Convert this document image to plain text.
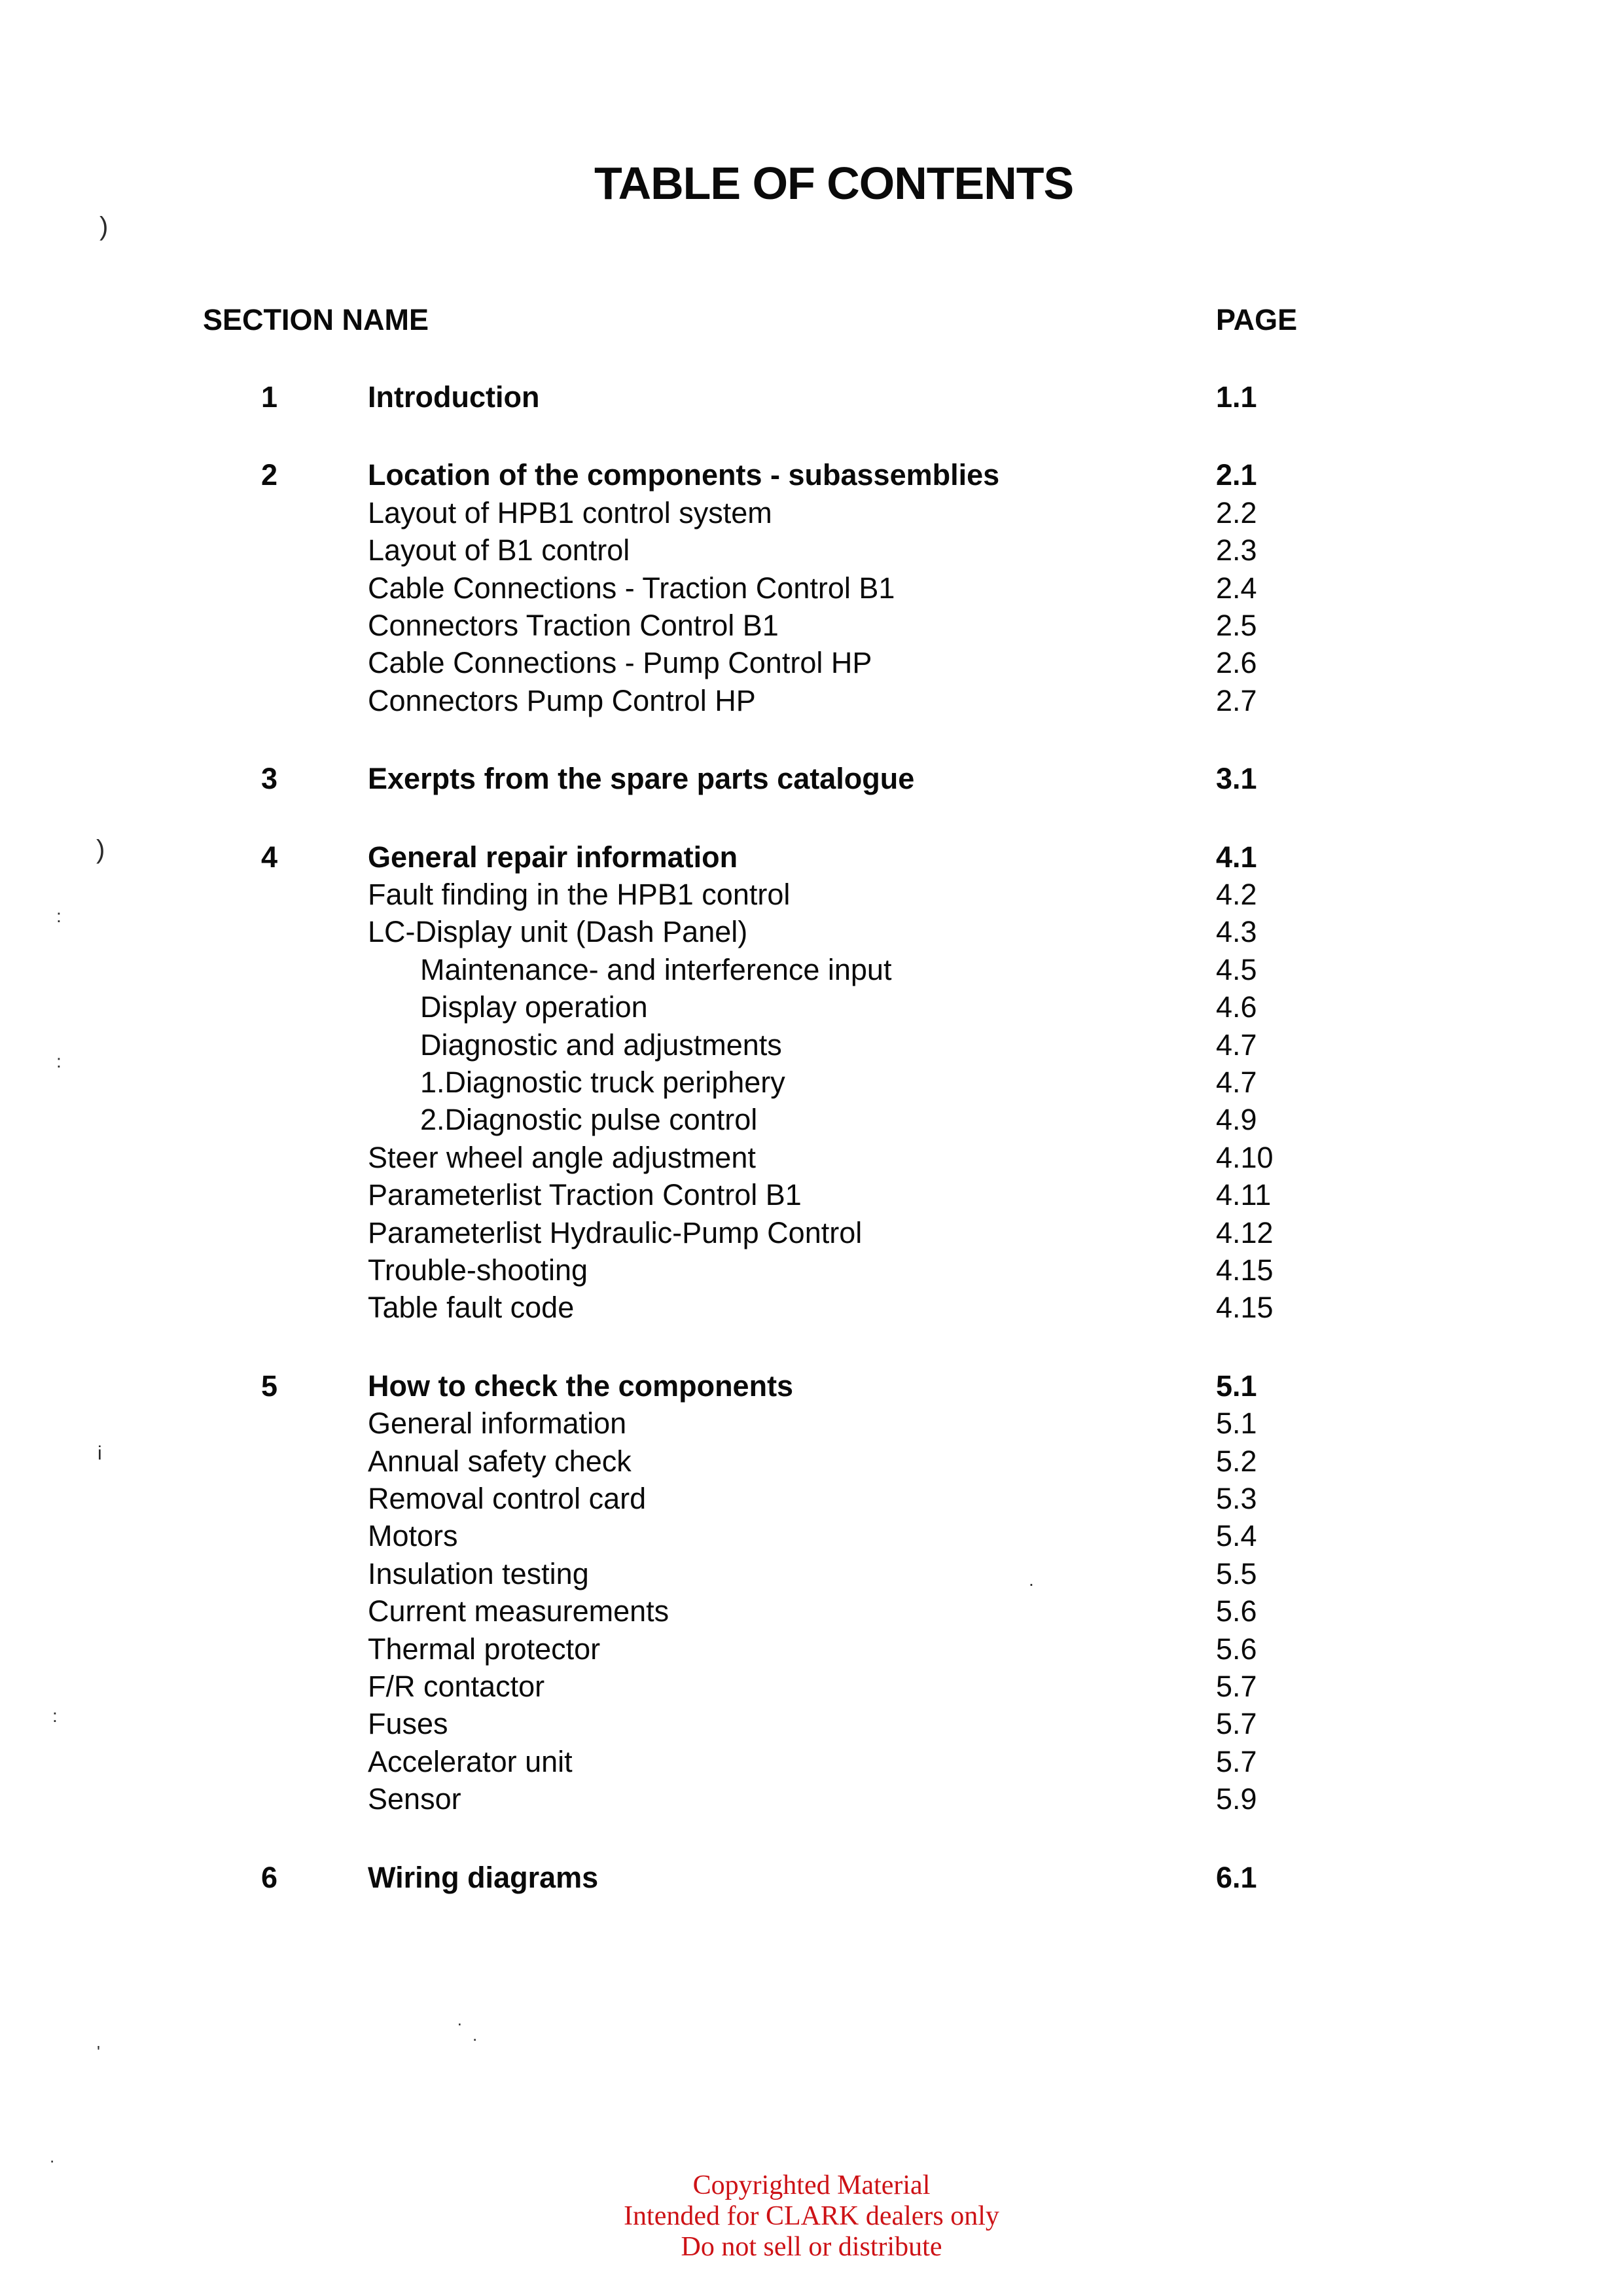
TABLE OF CONTENTS
SECTION NAME	PAGE
1	Introduction	1.1
2	Location of the components - subassemblies	2.1
Layout of HPB1 control system	2.2
Layout of B1 control	2.3
Cable Connections - Traction Control B1	2.4
Connectors Traction Control B1	2.5
Cable Connections - Pump Control HP	2.6
Connectors Pump Control HP	2.7
3	Exerpts from the spare parts catalogue	3.1
4	General repair information	4.1
Fault finding in the HPB1 control	4.2
LC-Display unit (Dash Panel)	4.3
Maintenance- and interference input	4.5
Display operation	4.6
Diagnostic and adjustments	4.7
1.Diagnostic truck periphery	4.7
2.Diagnostic pulse control	4.9
Steer wheel angle adjustment	4.10
Parameterlist Traction Control B1	4.11
Parameterlist Hydraulic-Pump Control	4.12
Trouble-shooting	4.15
Table fault code	4.15
5	How to check the components	5.1
General information	5.1
Annual safety check	5.2
Removal control card	5.3
Motors	5.4
Insulation testing	5.5
Current measurements	5.6
Thermal protector	5.6
F/R contactor	5.7
Fuses	5.7
Accelerator unit	5.7
Sensor	5.9
6	Wiring diagrams	6.1
Copyrighted Material
Intended for CLARK dealers only
Do not sell or distribute
)
)
:
:
i
:
.
·
.
'
.
